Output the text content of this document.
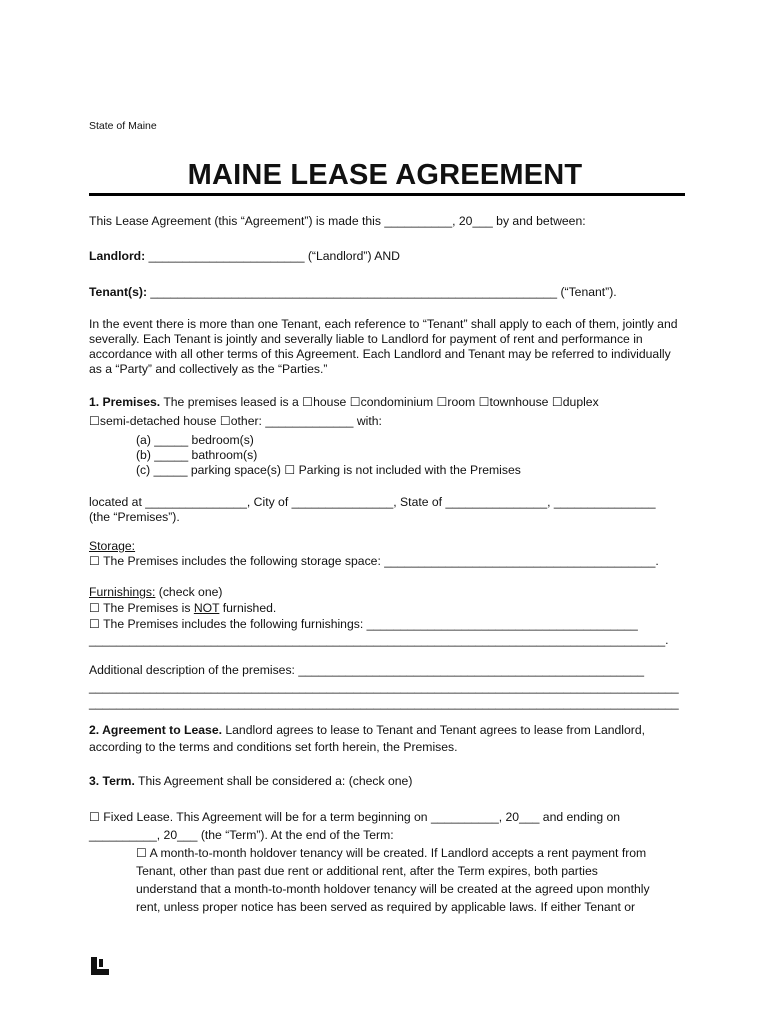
State of Maine
MAINE LEASE AGREEMENT
This Lease Agreement (this “Agreement”) is made this __________, 20___ by and between:
Landlord: _______________________ (“Landlord”) AND
Tenant(s): ____________________________________________________________ (“Tenant”).
In the event there is more than one Tenant, each reference to “Tenant” shall apply to each of them, jointly and severally. Each Tenant is jointly and severally liable to Landlord for payment of rent and performance in accordance with all other terms of this Agreement. Each Landlord and Tenant may be referred to individually as a “Party” and collectively as the “Parties.”
1. Premises. The premises leased is a ☐house ☐condominium ☐room ☐townhouse ☐duplex
☐semi-detached house ☐other: _____________ with:
(a) _____ bedroom(s)
(b) _____ bathroom(s)
(c) _____ parking space(s) ☐ Parking is not included with the Premises
located at _______________, City of _______________, State of _______________, _______________
(the “Premises”).
Storage:
☐ The Premises includes the following storage space: ________________________________________.
Furnishings: (check one)
☐ The Premises is NOT furnished.
☐ The Premises includes the following furnishings: ________________________________________
_____________________________________________________________________________________.
Additional description of the premises: ___________________________________________________
_______________________________________________________________________________________
_______________________________________________________________________________________
2. Agreement to Lease. Landlord agrees to lease to Tenant and Tenant agrees to lease from Landlord,
according to the terms and conditions set forth herein, the Premises.
3. Term. This Agreement shall be considered a: (check one)
☐ Fixed Lease. This Agreement will be for a term beginning on __________, 20___ and ending on
__________, 20___ (the “Term”). At the end of the Term:
☐ A month-to-month holdover tenancy will be created. If Landlord accepts a rent payment from
Tenant, other than past due rent or additional rent, after the Term expires, both parties
understand that a month-to-month holdover tenancy will be created at the agreed upon monthly
rent, unless proper notice has been served as required by applicable laws. If either Tenant or
